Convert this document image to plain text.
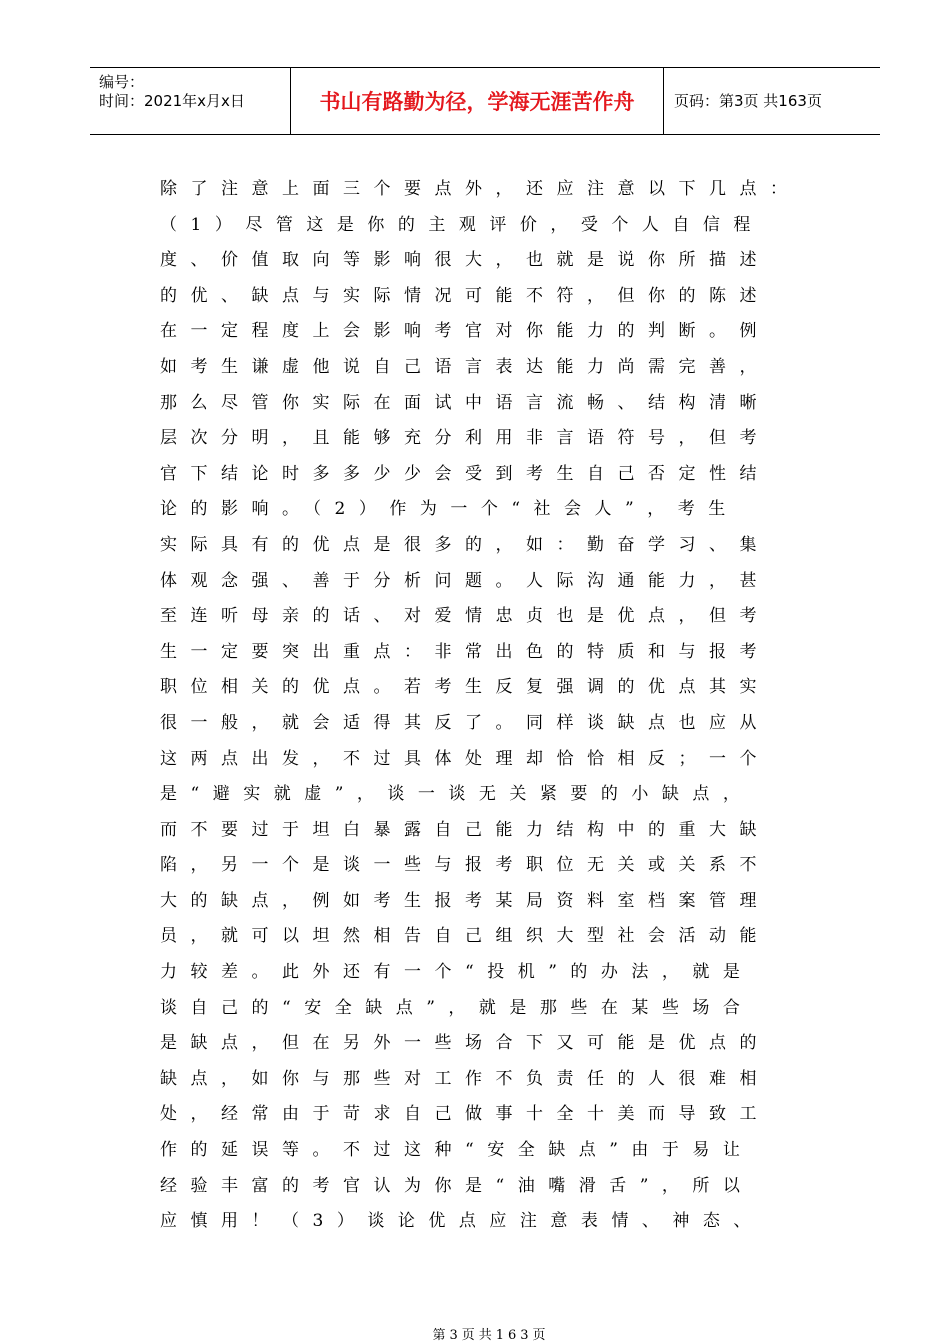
编号：
时间：2021年x月x日	书山有路勤为径，学海无涯苦作舟	页码：第3页 共163页
除了注意上面三个要点外，还应注意以下几点：
（1）尽管这是你的主观评价，受个人自信程
度、价值取向等影响很大，也就是说你所描述
的优、缺点与实际情况可能不符，但你的陈述
在一定程度上会影响考官对你能力的判断。例
如考生谦虚他说自己语言表达能力尚需完善，
那么尽管你实际在面试中语言流畅、结构清晰
层次分明，且能够充分利用非言语符号，但考
官下结论时多多少少会受到考生自己否定性结
论的影响。（2）作为一个“社会人”，考生
实际具有的优点是很多的，如：勤奋学习、集
体观念强、善于分析问题。人际沟通能力，甚
至连听母亲的话、对爱情忠贞也是优点，但考
生一定要突出重点：非常出色的特质和与报考
职位相关的优点。若考生反复强调的优点其实
很一般，就会适得其反了。同样谈缺点也应从
这两点出发，不过具体处理却恰恰相反；一个
是“避实就虚”，谈一谈无关紧要的小缺点，
而不要过于坦白暴露自己能力结构中的重大缺
陷，另一个是谈一些与报考职位无关或关系不
大的缺点，例如考生报考某局资料室档案管理
员，就可以坦然相告自己组织大型社会活动能
力较差。此外还有一个“投机”的办法，就是
谈自己的“安全缺点”，就是那些在某些场合
是缺点，但在另外一些场合下又可能是优点的
缺点，如你与那些对工作不负责任的人很难相
处，经常由于苛求自己做事十全十美而导致工
作的延误等。不过这种“安全缺点”由于易让
经验丰富的考官认为你是“油嘴滑舌”，所以
应慎用！（3）谈论优点应注意表情、神态、
第3页共163页
